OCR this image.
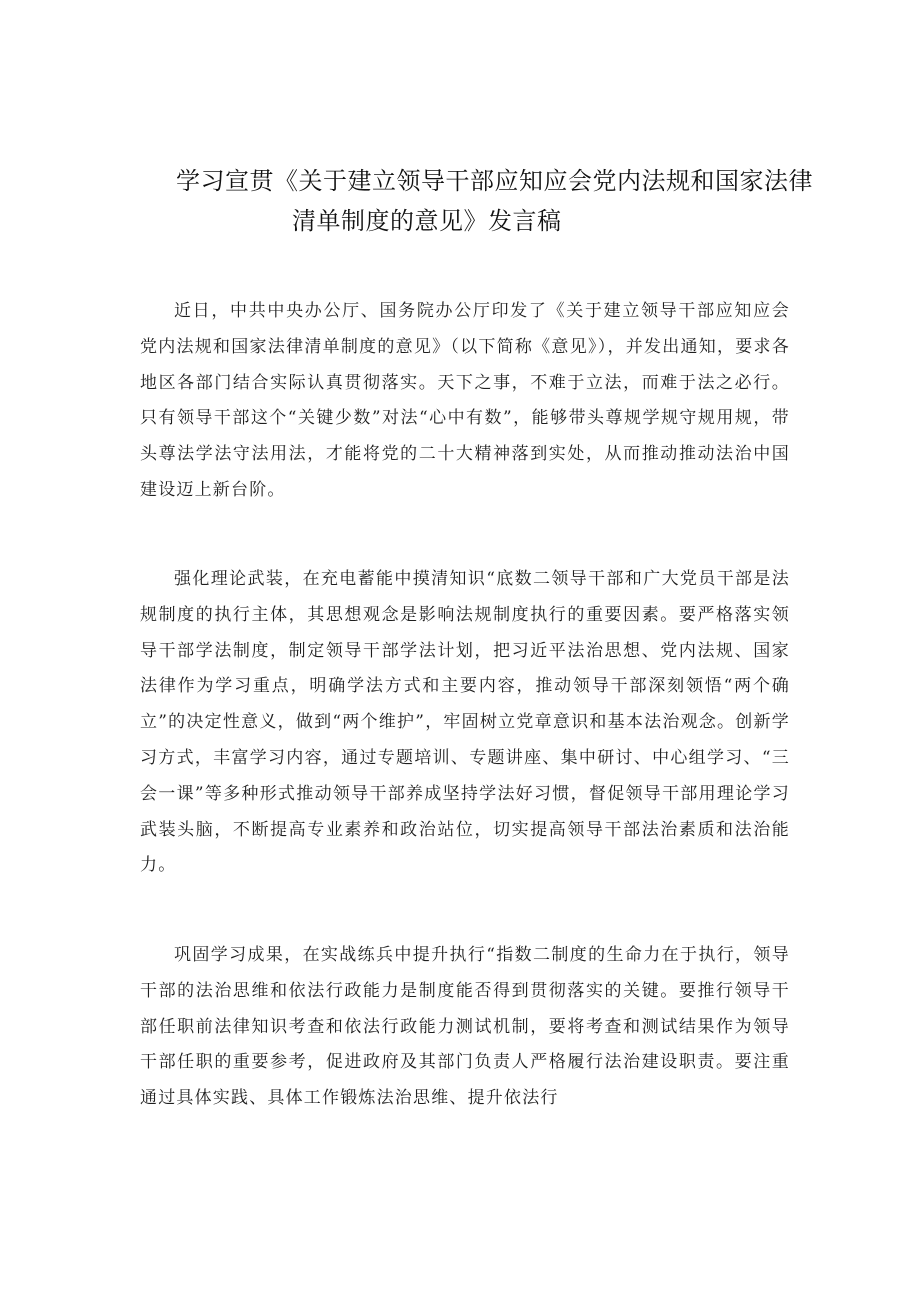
学习宣贯《关于建立领导干部应知应会党内法规和国家法律
清单制度的意见》发言稿

近日，中共中央办公厅、国务院办公厅印发了《关于建立领导干部应知应会党内法规和国家法律清单制度的意见》（以下简称《意见》），并发出通知，要求各地区各部门结合实际认真贯彻落实。天下之事，不难于立法，而难于法之必行。只有领导干部这个“关键少数”对法“心中有数”，能够带头尊规学规守规用规，带头尊法学法守法用法，才能将党的二十大精神落到实处，从而推动推动法治中国建设迈上新台阶。

强化理论武装，在充电蓄能中摸清知识“底数二领导干部和广大党员干部是法规制度的执行主体，其思想观念是影响法规制度执行的重要因素。要严格落实领导干部学法制度，制定领导干部学法计划，把习近平法治思想、党内法规、国家法律作为学习重点，明确学法方式和主要内容，推动领导干部深刻领悟“两个确立”的决定性意义，做到“两个维护”，牢固树立党章意识和基本法治观念。创新学习方式，丰富学习内容，通过专题培训、专题讲座、集中研讨、中心组学习、“三会一课”等多种形式推动领导干部养成坚持学法好习惯，督促领导干部用理论学习武装头脑，不断提高专业素养和政治站位，切实提高领导干部法治素质和法治能力。

巩固学习成果，在实战练兵中提升执行“指数二制度的生命力在于执行，领导干部的法治思维和依法行政能力是制度能否得到贯彻落实的关键。要推行领导干部任职前法律知识考查和依法行政能力测试机制，要将考查和测试结果作为领导干部任职的重要参考，促进政府及其部门负责人严格履行法治建设职责。要注重通过具体实践、具体工作锻炼法治思维、提升依法行
